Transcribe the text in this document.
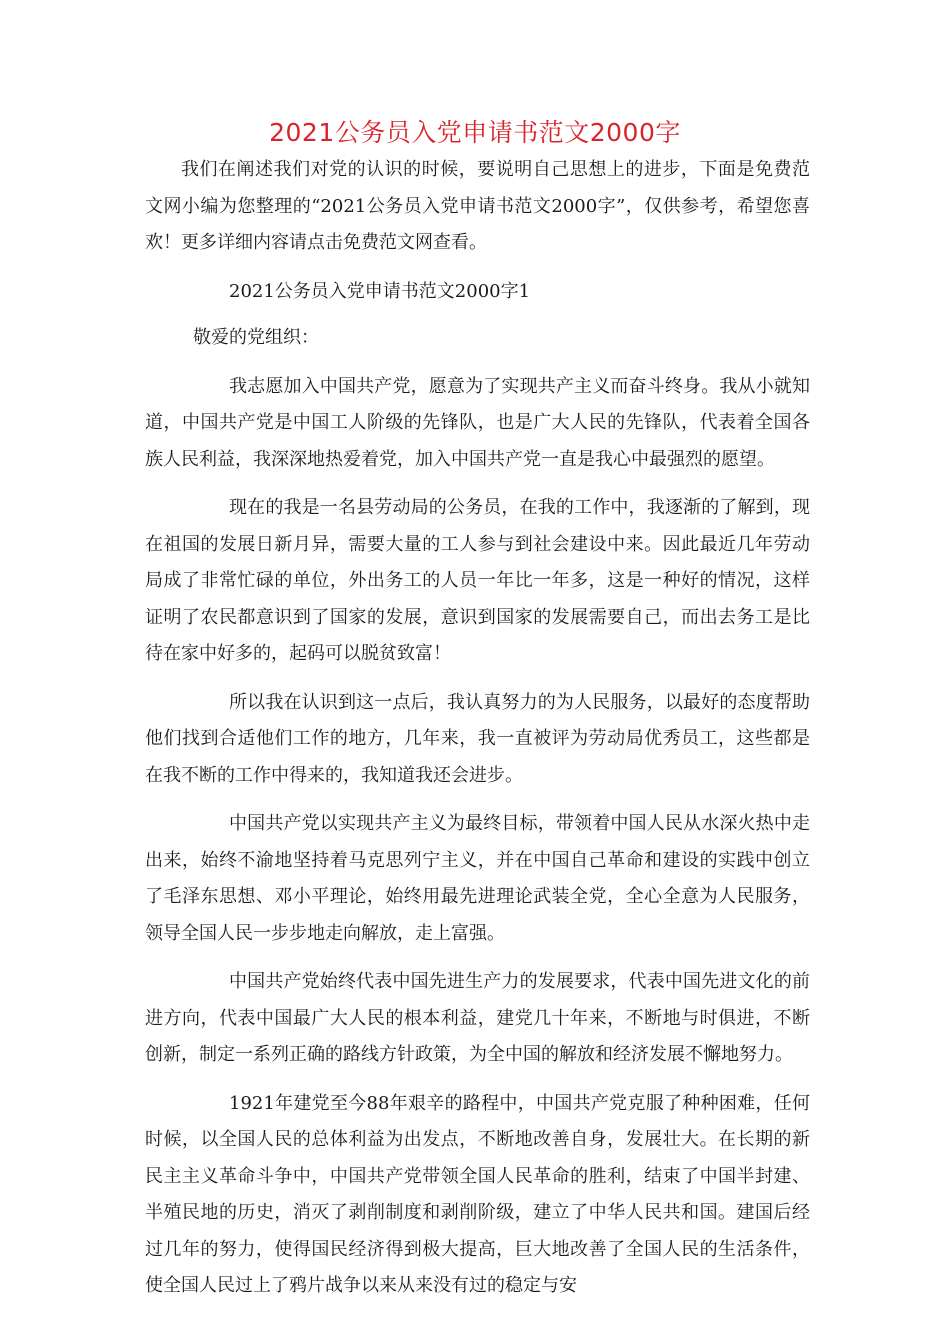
2021公务员入党申请书范文2000字

我们在阐述我们对党的认识的时候，要说明自己思想上的进步，下面是免费范文网小编为您整理的“2021公务员入党申请书范文2000字”，仅供参考，希望您喜欢！更多详细内容请点击免费范文网查看。

2021公务员入党申请书范文2000字1

敬爱的党组织：

我志愿加入中国共产党，愿意为了实现共产主义而奋斗终身。我从小就知道，中国共产党是中国工人阶级的先锋队，也是广大人民的先锋队，代表着全国各族人民利益，我深深地热爱着党，加入中国共产党一直是我心中最强烈的愿望。

现在的我是一名县劳动局的公务员，在我的工作中，我逐渐的了解到，现在祖国的发展日新月异，需要大量的工人参与到社会建设中来。因此最近几年劳动局成了非常忙碌的单位，外出务工的人员一年比一年多，这是一种好的情况，这样证明了农民都意识到了国家的发展，意识到国家的发展需要自己，而出去务工是比待在家中好多的，起码可以脱贫致富！

所以我在认识到这一点后，我认真努力的为人民服务，以最好的态度帮助他们找到合适他们工作的地方，几年来，我一直被评为劳动局优秀员工，这些都是在我不断的工作中得来的，我知道我还会进步。

中国共产党以实现共产主义为最终目标，带领着中国人民从水深火热中走出来，始终不渝地坚持着马克思列宁主义，并在中国自己革命和建设的实践中创立了毛泽东思想、邓小平理论，始终用最先进理论武装全党，全心全意为人民服务，领导全国人民一步步地走向解放，走上富强。

中国共产党始终代表中国先进生产力的发展要求，代表中国先进文化的前进方向，代表中国最广大人民的根本利益，建党几十年来，不断地与时俱进，不断创新，制定一系列正确的路线方针政策，为全中国的解放和经济发展不懈地努力。

1921年建党至今88年艰辛的路程中，中国共产党克服了种种困难，任何时候，以全国人民的总体利益为出发点，不断地改善自身，发展壮大。在长期的新民主主义革命斗争中，中国共产党带领全国人民革命的胜利，结束了中国半封建、半殖民地的历史，消灭了剥削制度和剥削阶级，建立了中华人民共和国。建国后经过几年的努力，使得国民经济得到极大提高，巨大地改善了全国人民的生活条件，使全国人民过上了鸦片战争以来从来没有过的稳定与安
